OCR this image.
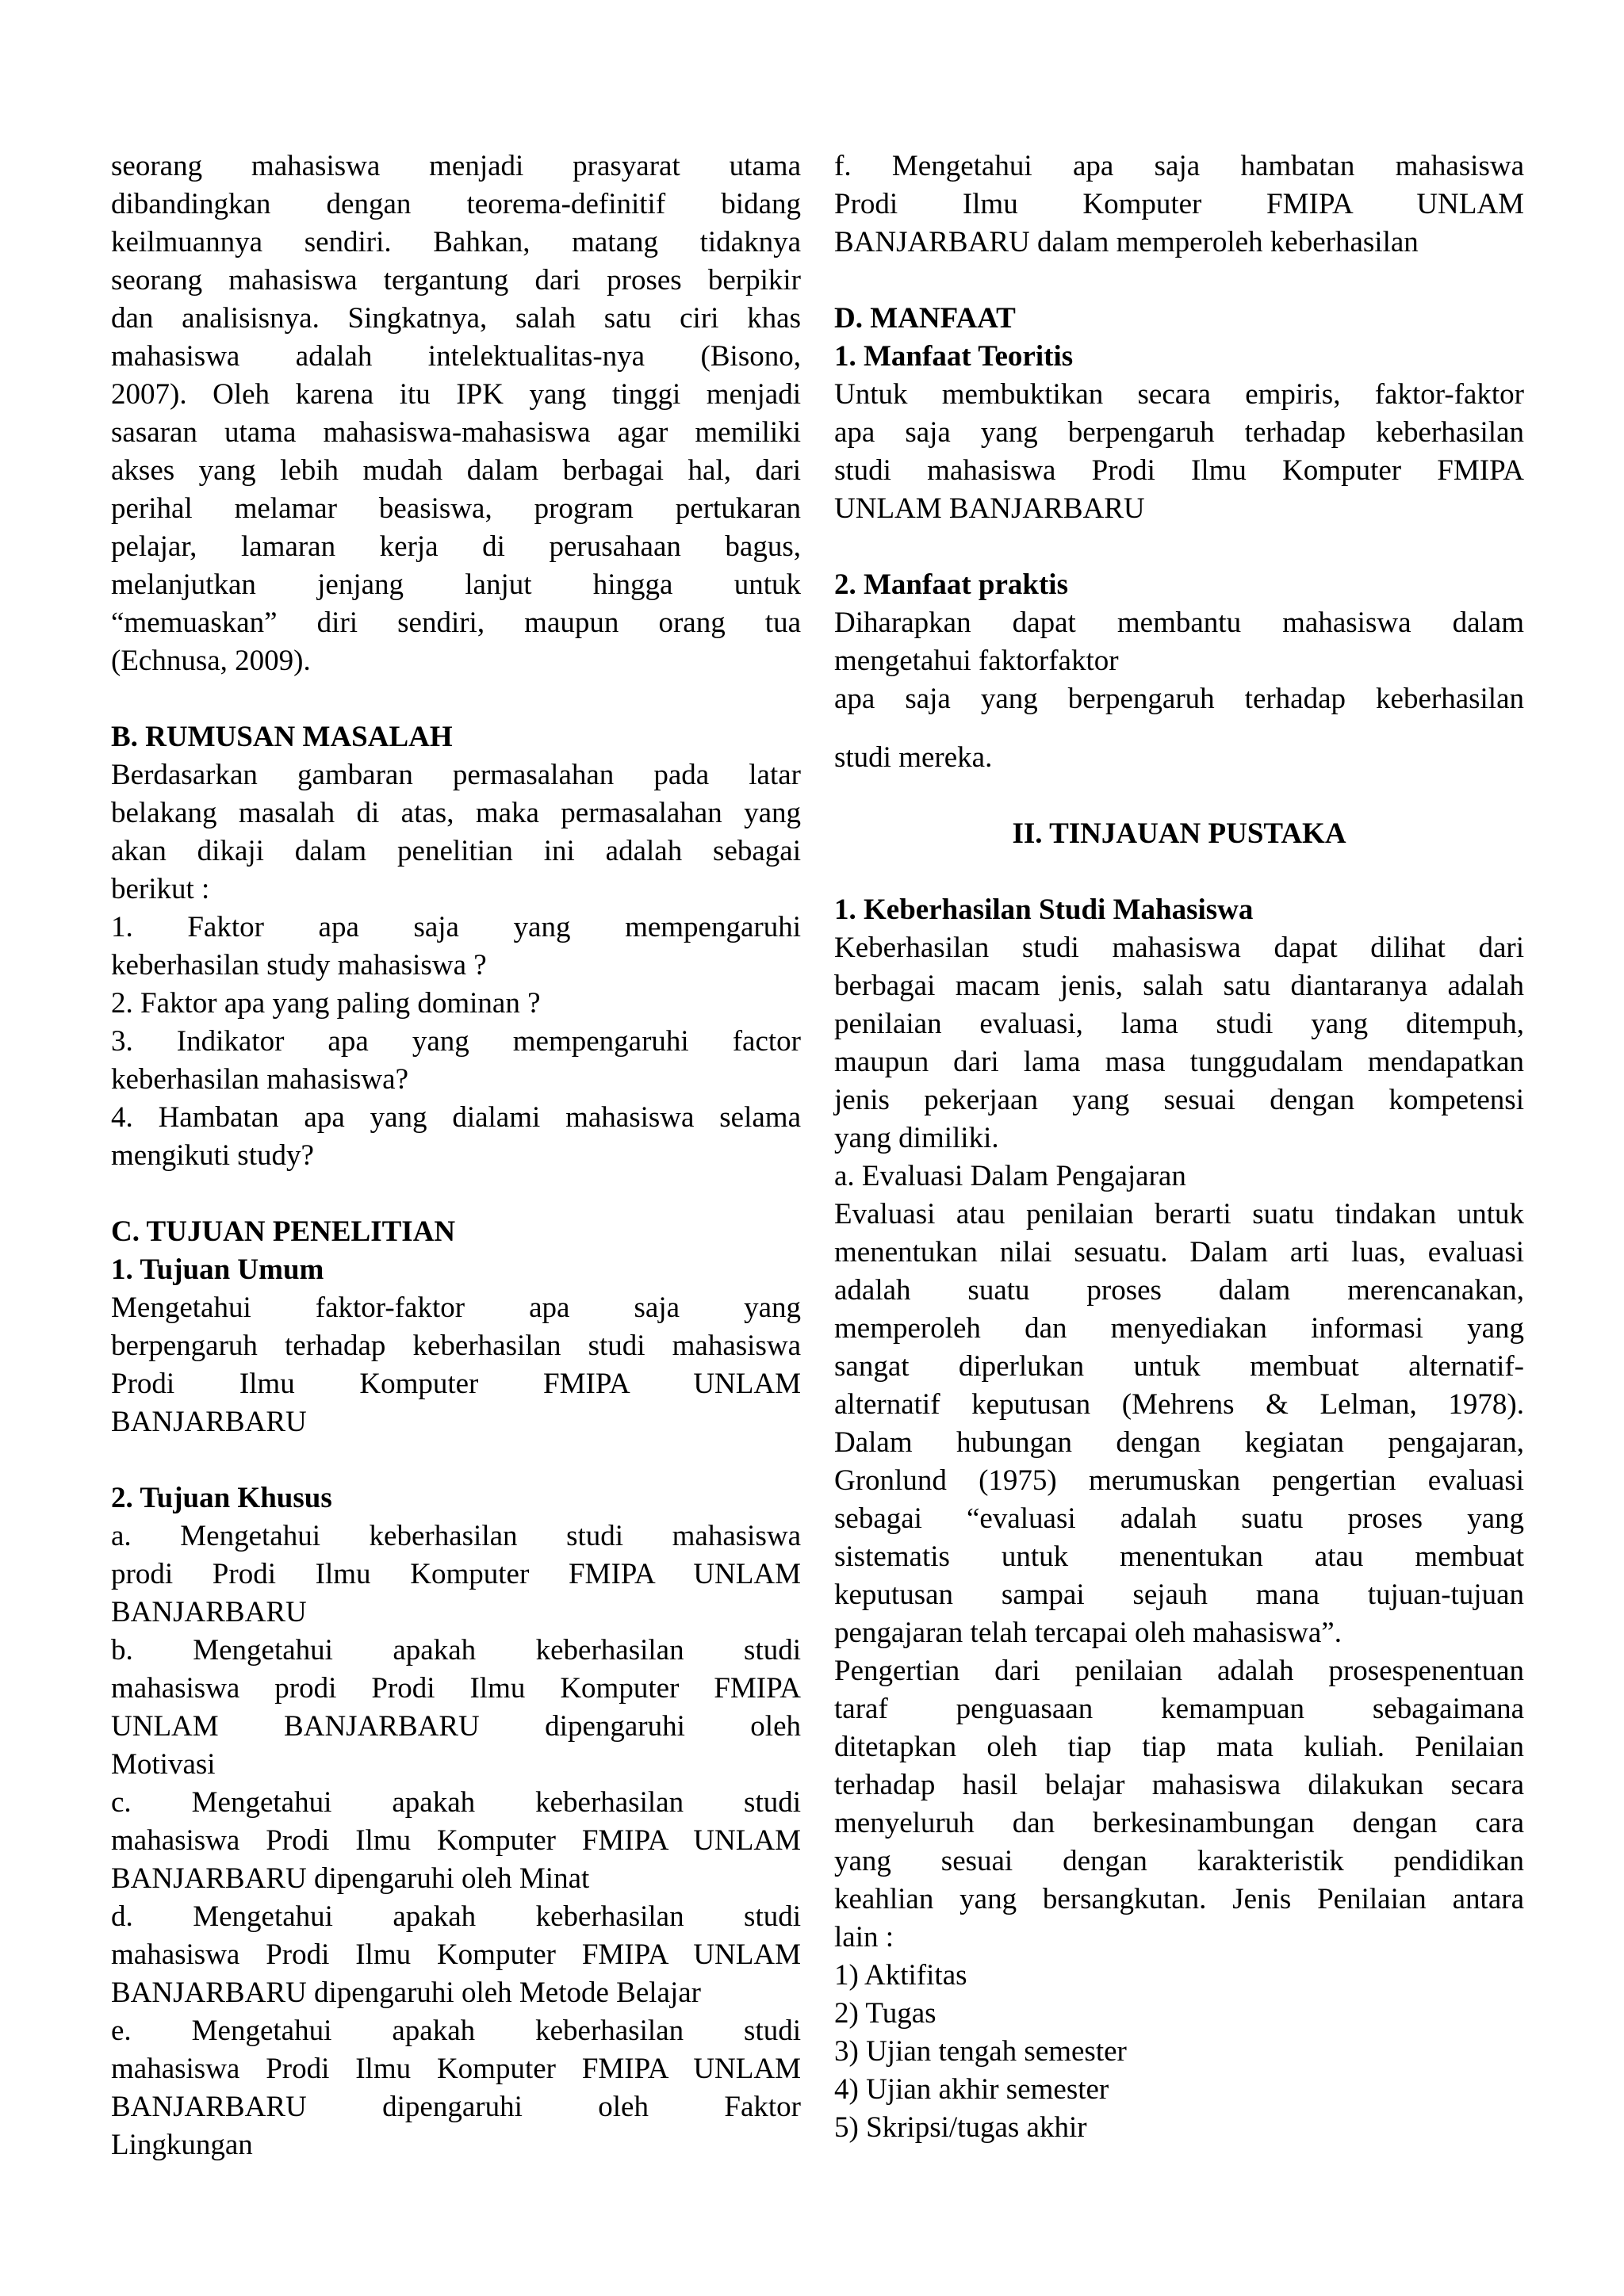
seorang mahasiswa menjadi prasyarat utama

dibandingkan dengan teorema-definitif bidang

keilmuannya sendiri. Bahkan, matang tidaknya

seorang mahasiswa tergantung dari proses berpikir

dan analisisnya. Singkatnya, salah satu ciri khas

mahasiswa adalah intelektualitas-nya (Bisono,

2007). Oleh karena itu IPK yang tinggi menjadi

sasaran utama mahasiswa-mahasiswa agar memiliki

akses yang lebih mudah dalam berbagai hal, dari

perihal melamar beasiswa, program pertukaran

pelajar, lamaran kerja di perusahaan bagus,

melanjutkan jenjang lanjut hingga untuk

“memuaskan” diri sendiri, maupun orang tua

(Echnusa, 2009).

B. RUMUSAN MASALAH

Berdasarkan gambaran permasalahan pada latar

belakang masalah di atas, maka permasalahan yang

akan dikaji dalam penelitian ini adalah sebagai

berikut :

1. Faktor apa saja yang mempengaruhi

keberhasilan study mahasiswa ?

2. Faktor apa yang paling dominan ?

3. Indikator apa yang mempengaruhi factor

keberhasilan mahasiswa?

4. Hambatan apa yang dialami mahasiswa selama

mengikuti study?

C. TUJUAN PENELITIAN

1. Tujuan Umum

Mengetahui faktor-faktor apa saja yang

berpengaruh terhadap keberhasilan studi mahasiswa

Prodi Ilmu Komputer FMIPA UNLAM

BANJARBARU

2. Tujuan Khusus

a. Mengetahui keberhasilan studi mahasiswa

prodi Prodi Ilmu Komputer FMIPA UNLAM

BANJARBARU

b. Mengetahui apakah keberhasilan studi

mahasiswa prodi Prodi Ilmu Komputer FMIPA

UNLAM BANJARBARU dipengaruhi oleh

Motivasi

c. Mengetahui apakah keberhasilan studi

mahasiswa Prodi Ilmu Komputer FMIPA UNLAM

BANJARBARU dipengaruhi oleh Minat

d. Mengetahui apakah keberhasilan studi

mahasiswa Prodi Ilmu Komputer FMIPA UNLAM

BANJARBARU dipengaruhi oleh Metode Belajar

e. Mengetahui apakah keberhasilan studi

mahasiswa Prodi Ilmu Komputer FMIPA UNLAM

BANJARBARU dipengaruhi oleh Faktor

Lingkungan

f. Mengetahui apa saja hambatan mahasiswa

Prodi Ilmu Komputer FMIPA UNLAM

BANJARBARU dalam memperoleh keberhasilan

D. MANFAAT

1. Manfaat Teoritis

Untuk membuktikan secara empiris, faktor-faktor

apa saja yang berpengaruh terhadap keberhasilan

studi mahasiswa Prodi Ilmu Komputer FMIPA

UNLAM BANJARBARU

2. Manfaat praktis

Diharapkan dapat membantu mahasiswa dalam

mengetahui faktorfaktor

apa saja yang berpengaruh terhadap keberhasilan

studi mereka.

II. TINJAUAN PUSTAKA

1. Keberhasilan Studi Mahasiswa

Keberhasilan studi mahasiswa dapat dilihat dari

berbagai macam jenis, salah satu diantaranya adalah

penilaian evaluasi, lama studi yang ditempuh,

maupun dari lama masa tunggudalam mendapatkan

jenis pekerjaan yang sesuai dengan kompetensi

yang dimiliki.

a. Evaluasi Dalam Pengajaran

Evaluasi atau penilaian berarti suatu tindakan untuk

menentukan nilai sesuatu. Dalam arti luas, evaluasi

adalah suatu proses dalam merencanakan,

memperoleh dan menyediakan informasi yang

sangat diperlukan untuk membuat alternatif-

alternatif keputusan (Mehrens & Lelman, 1978).

Dalam hubungan dengan kegiatan pengajaran,

Gronlund (1975) merumuskan pengertian evaluasi

sebagai “evaluasi adalah suatu proses yang

sistematis untuk menentukan atau membuat

keputusan sampai sejauh mana tujuan-tujuan

pengajaran telah tercapai oleh mahasiswa”.

Pengertian dari penilaian adalah prosespenentuan

taraf penguasaan kemampuan sebagaimana

ditetapkan oleh tiap tiap mata kuliah. Penilaian

terhadap hasil belajar mahasiswa dilakukan secara

menyeluruh dan berkesinambungan dengan cara

yang sesuai dengan karakteristik pendidikan

keahlian yang bersangkutan. Jenis Penilaian antara

lain :

1) Aktifitas

2) Tugas

3) Ujian tengah semester

4) Ujian akhir semester

5) Skripsi/tugas akhir
